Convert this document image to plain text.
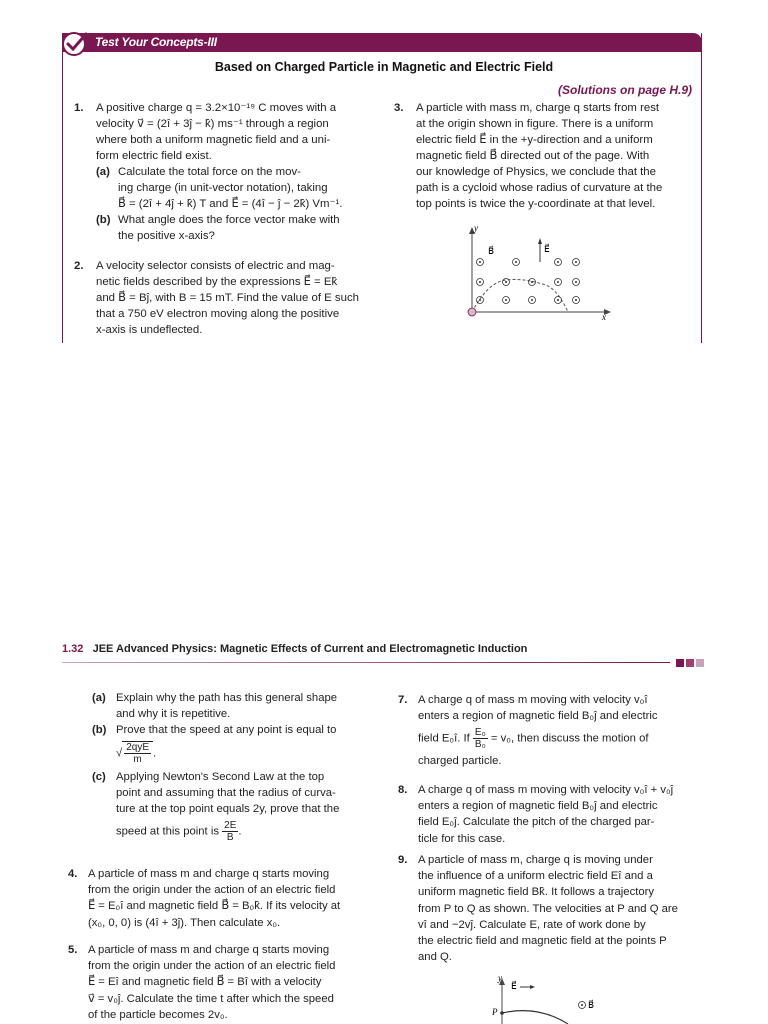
Test Your Concepts-III
Based on Charged Particle in Magnetic and Electric Field
(Solutions on page H.9)
1. A positive charge q = 3.2×10⁻¹⁹ C moves with a

velocity v⃗ = (2î + 3ĵ − k̂) ms⁻¹ through a region

where both a uniform magnetic field and a uni-

form electric field exist.

(a) Calculate the total force on the mov-

ing charge (in unit-vector notation), taking

B⃗ = (2î + 4ĵ + k̂) T and E⃗ = (4î − ĵ − 2k̂) Vm⁻¹.

(b) What angle does the force vector make with

the positive x-axis?

2. A velocity selector consists of electric and mag-

netic fields described by the expressions E⃗ = Ek̂

and B⃗ = Bĵ, with B = 15 mT. Find the value of E such

that a 750 eV electron moving along the positive

x-axis is undeflected.

3. A particle with mass m, charge q starts from rest

at the origin shown in figure. There is a uniform

electric field E⃗ in the +y-direction and a uniform

magnetic field B⃗ directed out of the page. With

our knowledge of Physics, we conclude that the

path is a cycloid whose radius of curvature at the

top points is twice the y-coordinate at that level.

y
x
B⃗	E⃗
1.32 JEE Advanced Physics: Magnetic Effects of Current and Electromagnetic Induction
(a) Explain why the path has this general shape

and why it is repetitive.

(b) Prove that the speed at any point is equal to

√ $\frac{\text{2qyE}}{m}$ .

(c) Applying Newton's Second Law at the top

point and assuming that the radius of curva-

ture at the top point equals 2y, prove that the

speed at this point is $\frac{2E}{B}$ .

4. A particle of mass m and charge q starts moving

from the origin under the action of an electric field

E⃗ = E₀î and magnetic field B⃗ = B₀k̂. If its velocity at

(x₀, 0, 0) is (4î + 3ĵ). Then calculate x₀.

5. A particle of mass m and charge q starts moving

from the origin under the action of an electric field

E⃗ = Eî and magnetic field B⃗ = Bî with a velocity

v⃗ = v₀ĵ. Calculate the time t after which the speed

of the particle becomes 2v₀.

7. A charge q of mass m moving with velocity v₀î

enters a region of magnetic field B₀ĵ and electric

field E₀î. If $\frac{\text{E₀}}{\text{B₀}} = v_0$, then discuss the motion of

charged particle.

8. A charge q of mass m moving with velocity v₀î + v₀ĵ

enters a region of magnetic field B₀ĵ and electric

field E₀ĵ. Calculate the pitch of the charged par-

ticle for this case.

9. A particle of mass m, charge q is moving under

the influence of a uniform electric field Eî and a

uniform magnetic field Bk̂. It follows a trajectory

from P to Q as shown. The velocities at P and Q are

vî and −2vĵ. Calculate E, rate of work done by

the electric field and magnetic field at the points P

and Q.

y
E⃗
B⃗
P
